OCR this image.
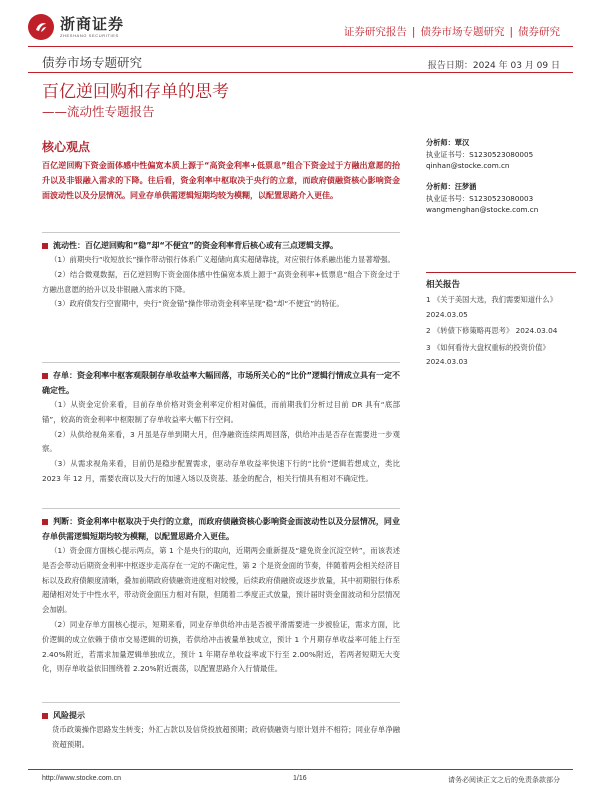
浙商证券
ZHESHANG SECURITIES	证券研究报告 | 债券市场专题研究 | 债券研究
债券市场专题研究	报告日期：2024 年 03 月 09 日
百亿逆回购和存单的思考
——流动性专题报告
核心观点
百亿逆回购下资金面体感中性偏宽本质上源于“高资金利率+低票息”组合下资金过于方融出意愿的抬升以及非银融入需求的下降。往后看，资金利率中枢取决于央行的立意，而政府债融资核心影响资金面波动性以及分层情况。同业存单供需逻辑短期均较为模糊，以配置思路介入更佳。
分析师：覃汉
执业证书号：S1230523080005
qinhan@stocke.com.cn
分析师：汪梦涵
执业证书号：S1230523080003
wangmenghan@stocke.com.cn
相关报告
1 《关于美国大选，我们需要知道什么》 2024.03.05
2 《转债下修策略再思考》 2024.03.04
3 《如何看待大盘权重标的投资价值》 2024.03.03
流动性：百亿逆回购和“稳”却“不便宜”的资金利率背后核心或有三点逻辑支撑。
（1）前期央行“收短放长”操作带动银行体系广义超储向真实超储靠拢，对应银行体系融出能力显著增强。
（2）结合微观数据，百亿逆回购下资金面体感中性偏宽本质上源于“高资金利率+低票息”组合下资金过于方融出意愿的抬升以及非银融入需求的下降。
（3）政府债发行空窗期中，央行“资金锚”操作带动资金利率呈现“稳”却“不便宜”的特征。
存单：资金利率中枢客观限制存单收益率大幅回落，市场所关心的“比价”逻辑行情成立具有一定不确定性。
（1）从资金定价来看，目前存单价格对资金利率定价相对偏低，而前期我们分析过目前 DR 具有“底部锚”，较高的资金利率中枢限制了存单收益率大幅下行空间。
（2）从供给视角来看，3 月虽是存单到期大月，但净融资连续两周回落，供给冲击是否存在需要进一步观察。
（3）从需求视角来看，目前仍是稳步配置需求，驱动存单收益率快速下行的“比价”逻辑若想成立，类比 2023 年 12 月，需要农商以及大行的加速入场以及资基、基金的配合，相关行情具有相对不确定性。
判断：资金利率中枢取决于央行的立意，而政府债融资核心影响资金面波动性以及分层情况，同业存单供需逻辑短期均较为模糊，以配置思路介入更佳。
（1）资金面方面核心提示两点，第 1 个是央行的取向，近期两会重新提及“避免资金沉淀空转”，而该表述是否会带动后期资金利率中枢逐步走高存在一定的不确定性，第 2 个是资金面的节奏，伴随着两会相关经济目标以及政府债额度清晰，叠加前期政府债融资进度相对较慢，后续政府债融资或逐步放量，其中初期银行体系超储相对处于中性水平，带动资金面压力相对有限，但随着二季度正式放量，预计届时资金面波动和分层情况会加剧。
（2）同业存单方面核心提示，短期来看，同业存单供给冲击是否被平滑需要进一步被验证，需求方面，比价逻辑的成立依赖于债市交易逻辑的切换，若供给冲击被量单独成立，预计 1 个月期存单收益率可能上行至 2.40%附近，若需求加量逻辑单独成立，预计 1 年期存单收益率或下行至 2.00%附近，若两者短期无大变化，则存单收益依旧围绕着 2.20%附近震荡，以配置思路介入行情最佳。
风险提示
货币政策操作思路发生转变；外汇占款以及信贷投放超预期；政府债融资与原计划并不相符；同业存单净融资超预期。
http://www.stocke.com.cn	1/16	请务必阅读正文之后的免责条款部分
